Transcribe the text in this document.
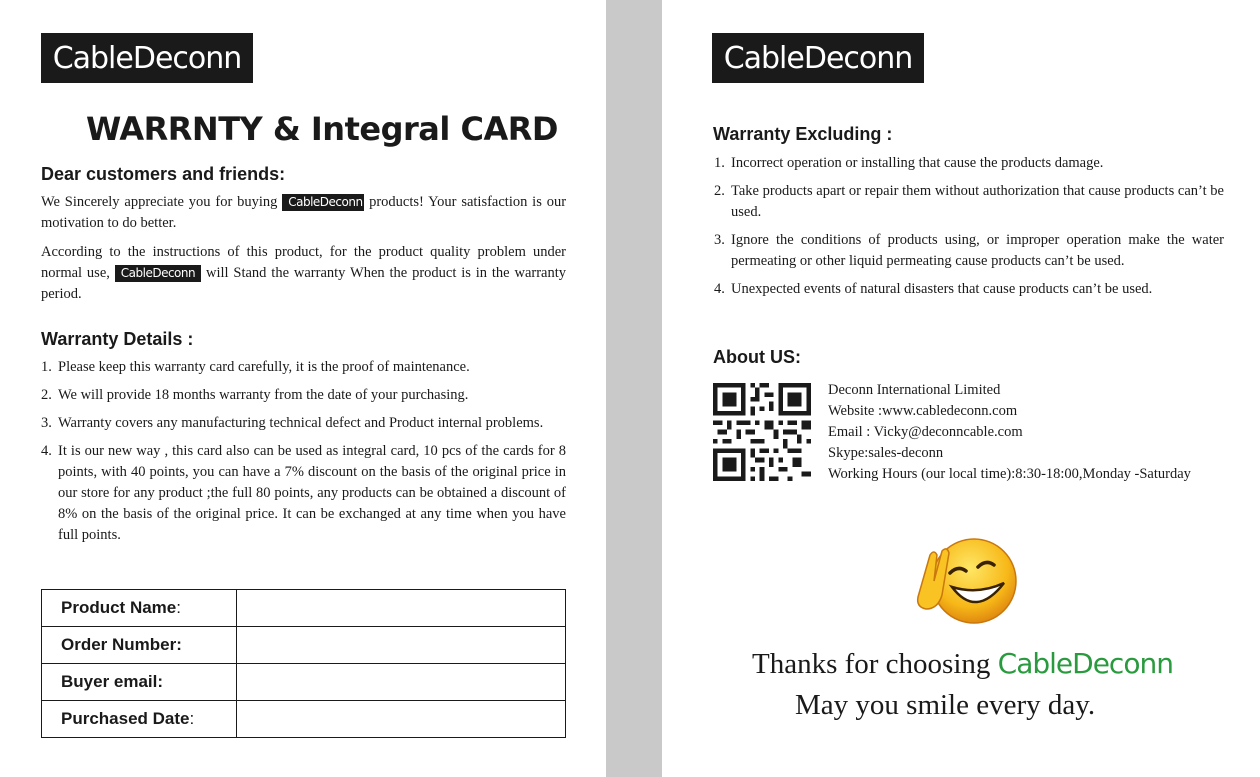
CableDeconn
WARRNTY & Integral CARD
Dear customers and friends:
We Sincerely appreciate you for buying CableDeconn products! Your satisfaction is our motivation to do better.
According to the instructions of this product, for the product quality problem under normal use, CableDeconn will Stand the warranty When the product is in the warranty period.
Warranty Details :
1. Please keep this warranty card carefully, it is the proof of maintenance.
2. We will provide 18 months warranty from the date of your purchasing.
3. Warranty covers any manufacturing technical defect and Product internal problems.
4. It is our new way , this card also can be used as integral card, 10 pcs of the cards for 8 points, with 40 points, you can have a 7% discount on the basis of the original price in our store for any product ;the full 80 points, any products can be obtained a discount of 8% on the basis of the original price. It can be exchanged at any time when you have full points.
Product Name:	
Order Number:	
Buyer email:	
Purchased Date:	
CableDeconn
Warranty Excluding :
1. Incorrect operation or installing that cause the products damage.
2. Take products apart or repair them without authorization that cause products can’t be used.
3. Ignore the conditions of products using, or improper operation make the water permeating or other liquid permeating cause products can’t be used.
4. Unexpected events of natural disasters that cause products can’t be used.
About US:
Deconn International Limited
Website :www.cabledeconn.com
Email : Vicky@deconncable.com
Skype:sales-deconn
Working Hours (our local time):8:30-18:00,Monday -Saturday
Thanks for choosing CableDeconn
May you smile every day.
